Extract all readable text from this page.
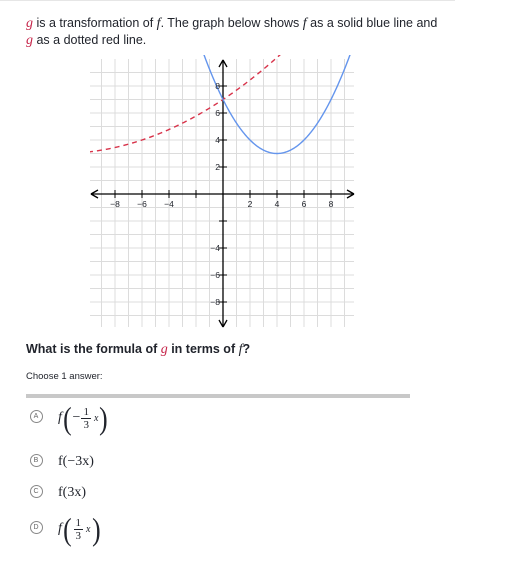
g is a transformation of f. The graph below shows f as a solid blue line and
g as a dotted red line.
−8 −6 −4	2	4	6	8
8
6
4
2
−4
−6
−8
What is the formula of g in terms of f?
Choose 1 answer:
A f ( − $\frac{1}{3}$ x )
B f(−3x)
C f(3x)
D f ( $\frac{1}{3}$ x )
